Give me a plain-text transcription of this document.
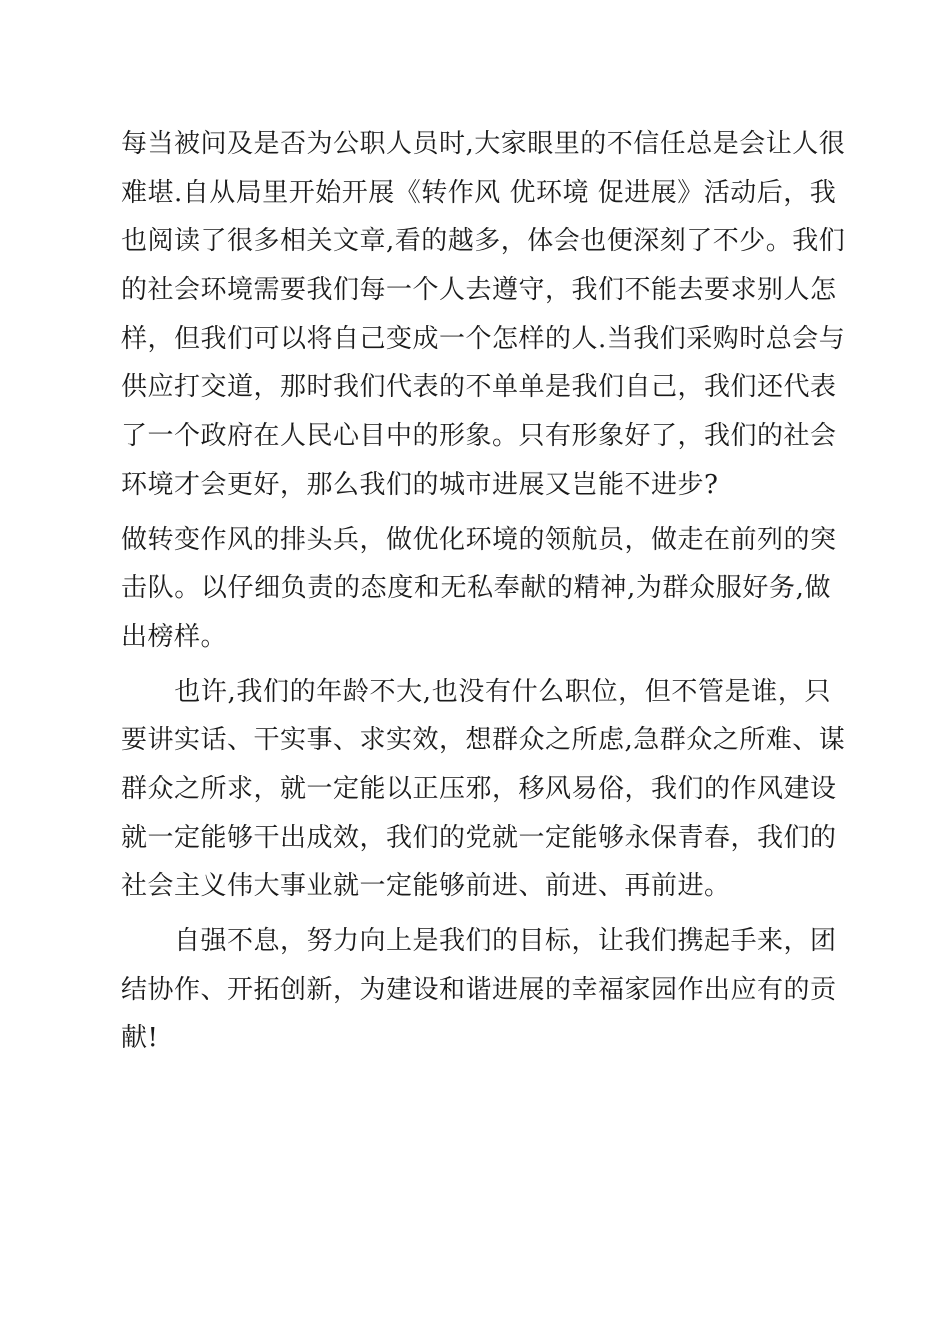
每当被问及是否为公职人员时,大家眼里的不信任总是会让人很
难堪.自从局里开始开展《转作风 优环境 促进展》活动后，我
也阅读了很多相关文章,看的越多，体会也便深刻了不少。我们
的社会环境需要我们每一个人去遵守，我们不能去要求别人怎
样，但我们可以将自己变成一个怎样的人.当我们采购时总会与
供应打交道，那时我们代表的不单单是我们自己，我们还代表
了一个政府在人民心目中的形象。只有形象好了，我们的社会
环境才会更好，那么我们的城市进展又岂能不进步?
做转变作风的排头兵，做优化环境的领航员，做走在前列的突
击队。以仔细负责的态度和无私奉献的精神,为群众服好务,做
出榜样。
　　也许,我们的年龄不大,也没有什么职位，但不管是谁，只
要讲实话、干实事、求实效，想群众之所虑,急群众之所难、谋
群众之所求，就一定能以正压邪，移风易俗，我们的作风建设
就一定能够干出成效，我们的党就一定能够永保青春，我们的
社会主义伟大事业就一定能够前进、前进、再前进。
　　自强不息，努力向上是我们的目标，让我们携起手来，团
结协作、开拓创新，为建设和谐进展的幸福家园作出应有的贡
献!
